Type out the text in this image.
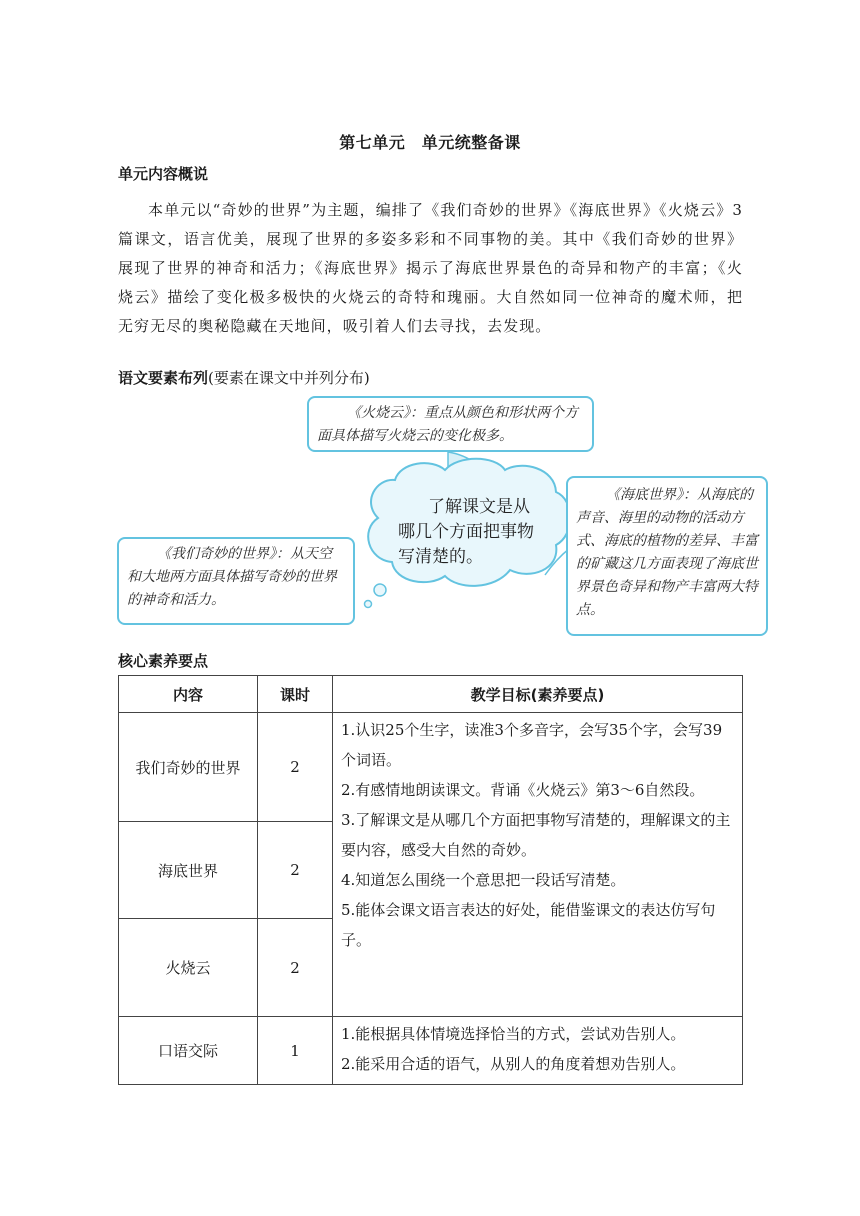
第七单元　单元统整备课
单元内容概说

本单元以“奇妙的世界”为主题，编排了《我们奇妙的世界》《海底世界》《火烧云》3篇课文，语言优美，展现了世界的多姿多彩和不同事物的美。其中《我们奇妙的世界》展现了世界的神奇和活力；《海底世界》揭示了海底世界景色的奇异和物产的丰富；《火烧云》描绘了变化极多极快的火烧云的奇特和瑰丽。大自然如同一位神奇的魔术师，把无穷无尽的奥秘隐藏在天地间，吸引着人们去寻找，去发现。

语文要素布列(要素在课文中并列分布)
《火烧云》：重点从颜色和形状两个方面具体描写火烧云的变化极多。
《我们奇妙的世界》：从天空和大地两方面具体描写奇妙的世界的神奇和活力。
《海底世界》：从海底的声音、海里的动物的活动方式、海底的植物的差异、丰富的矿藏这几方面表现了海底世界景色奇异和物产丰富两大特点。
了解课文是从哪几个方面把事物写清楚的。
核心素养要点
内容	课时	教学目标(素养要点)
我们奇妙的世界	2	1.认识25个生字，读准3个多音字，会写35个字，会写39个词语。
2.有感情地朗读课文。背诵《火烧云》第3～6自然段。
3.了解课文是从哪几个方面把事物写清楚的，理解课文的主要内容，感受大自然的奇妙。
4.知道怎么围绕一个意思把一段话写清楚。
5.能体会课文语言表达的好处，能借鉴课文的表达仿写句子。

海底世界	2	
火烧云	2	
口语交际	1	1.能根据具体情境选择恰当的方式，尝试劝告别人。
2.能采用合适的语气，从别人的角度着想劝告别人。
